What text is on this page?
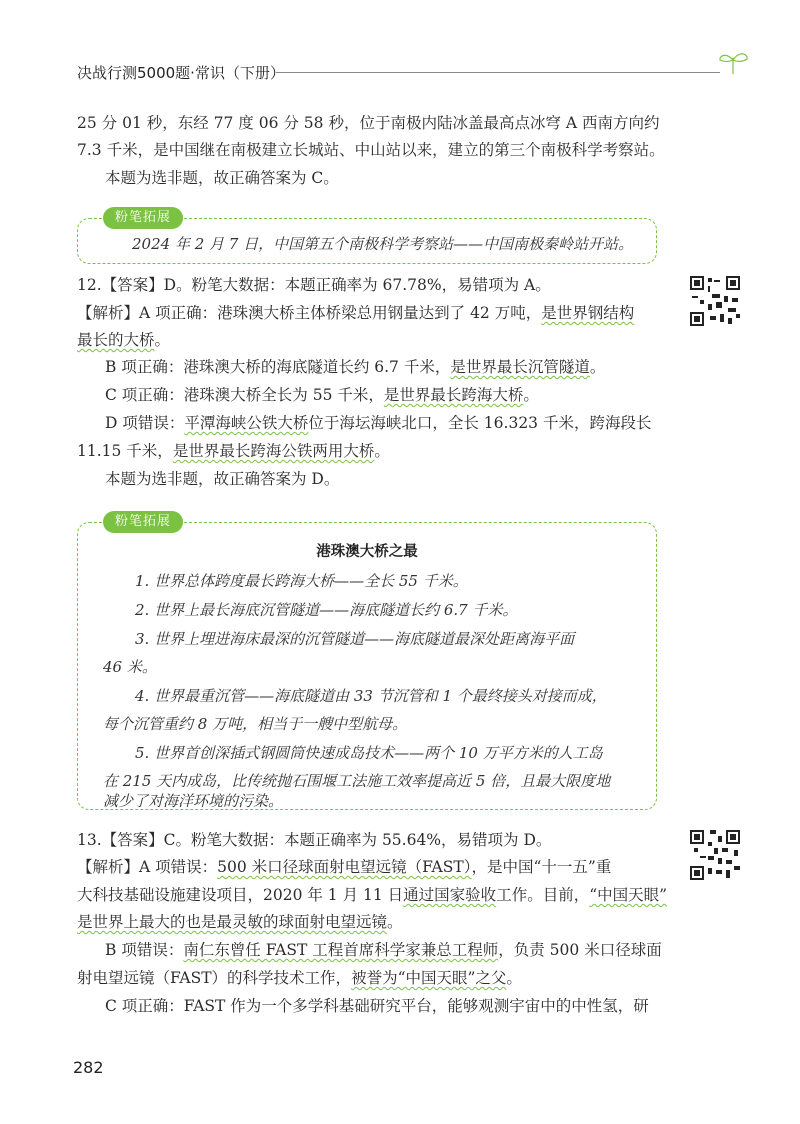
决战行测5000题·常识（下册）
25 分 01 秒，东经 77 度 06 分 58 秒，位于南极内陆冰盖最高点冰穹 A 西南方向约
7.3 千米，是中国继在南极建立长城站、中山站以来，建立的第三个南极科学考察站。
本题为选非题，故正确答案为 C。
粉笔拓展
2024 年 2 月 7 日，中国第五个南极科学考察站——中国南极秦岭站开站。
12.【答案】D。粉笔大数据：本题正确率为 67.78%，易错项为 A。
【解析】A 项正确：港珠澳大桥主体桥梁总用钢量达到了 42 万吨，是世界钢结构
最长的大桥。
B 项正确：港珠澳大桥的海底隧道长约 6.7 千米，是世界最长沉管隧道。
C 项正确：港珠澳大桥全长为 55 千米，是世界最长跨海大桥。
D 项错误：平潭海峡公铁大桥位于海坛海峡北口，全长 16.323 千米，跨海段长
11.15 千米，是世界最长跨海公铁两用大桥。
本题为选非题，故正确答案为 D。
粉笔拓展
港珠澳大桥之最
1. 世界总体跨度最长跨海大桥——全长 55 千米。
2. 世界上最长海底沉管隧道——海底隧道长约 6.7 千米。
3. 世界上埋进海床最深的沉管隧道——海底隧道最深处距离海平面
46 米。
4. 世界最重沉管——海底隧道由 33 节沉管和 1 个最终接头对接而成，
每个沉管重约 8 万吨，相当于一艘中型航母。
5. 世界首创深插式钢圆筒快速成岛技术——两个 10 万平方米的人工岛
在 215 天内成岛，比传统抛石围堰工法施工效率提高近 5 倍，且最大限度地
减少了对海洋环境的污染。
13.【答案】C。粉笔大数据：本题正确率为 55.64%，易错项为 D。
【解析】A 项错误：500 米口径球面射电望远镜（FAST），是中国“十一五”重
大科技基础设施建设项目，2020 年 1 月 11 日通过国家验收工作。目前，“中国天眼”
是世界上最大的也是最灵敏的球面射电望远镜。
B 项错误：南仁东曾任 FAST 工程首席科学家兼总工程师，负责 500 米口径球面
射电望远镜（FAST）的科学技术工作，被誉为“中国天眼”之父。
C 项正确：FAST 作为一个多学科基础研究平台，能够观测宇宙中的中性氢，研
282
